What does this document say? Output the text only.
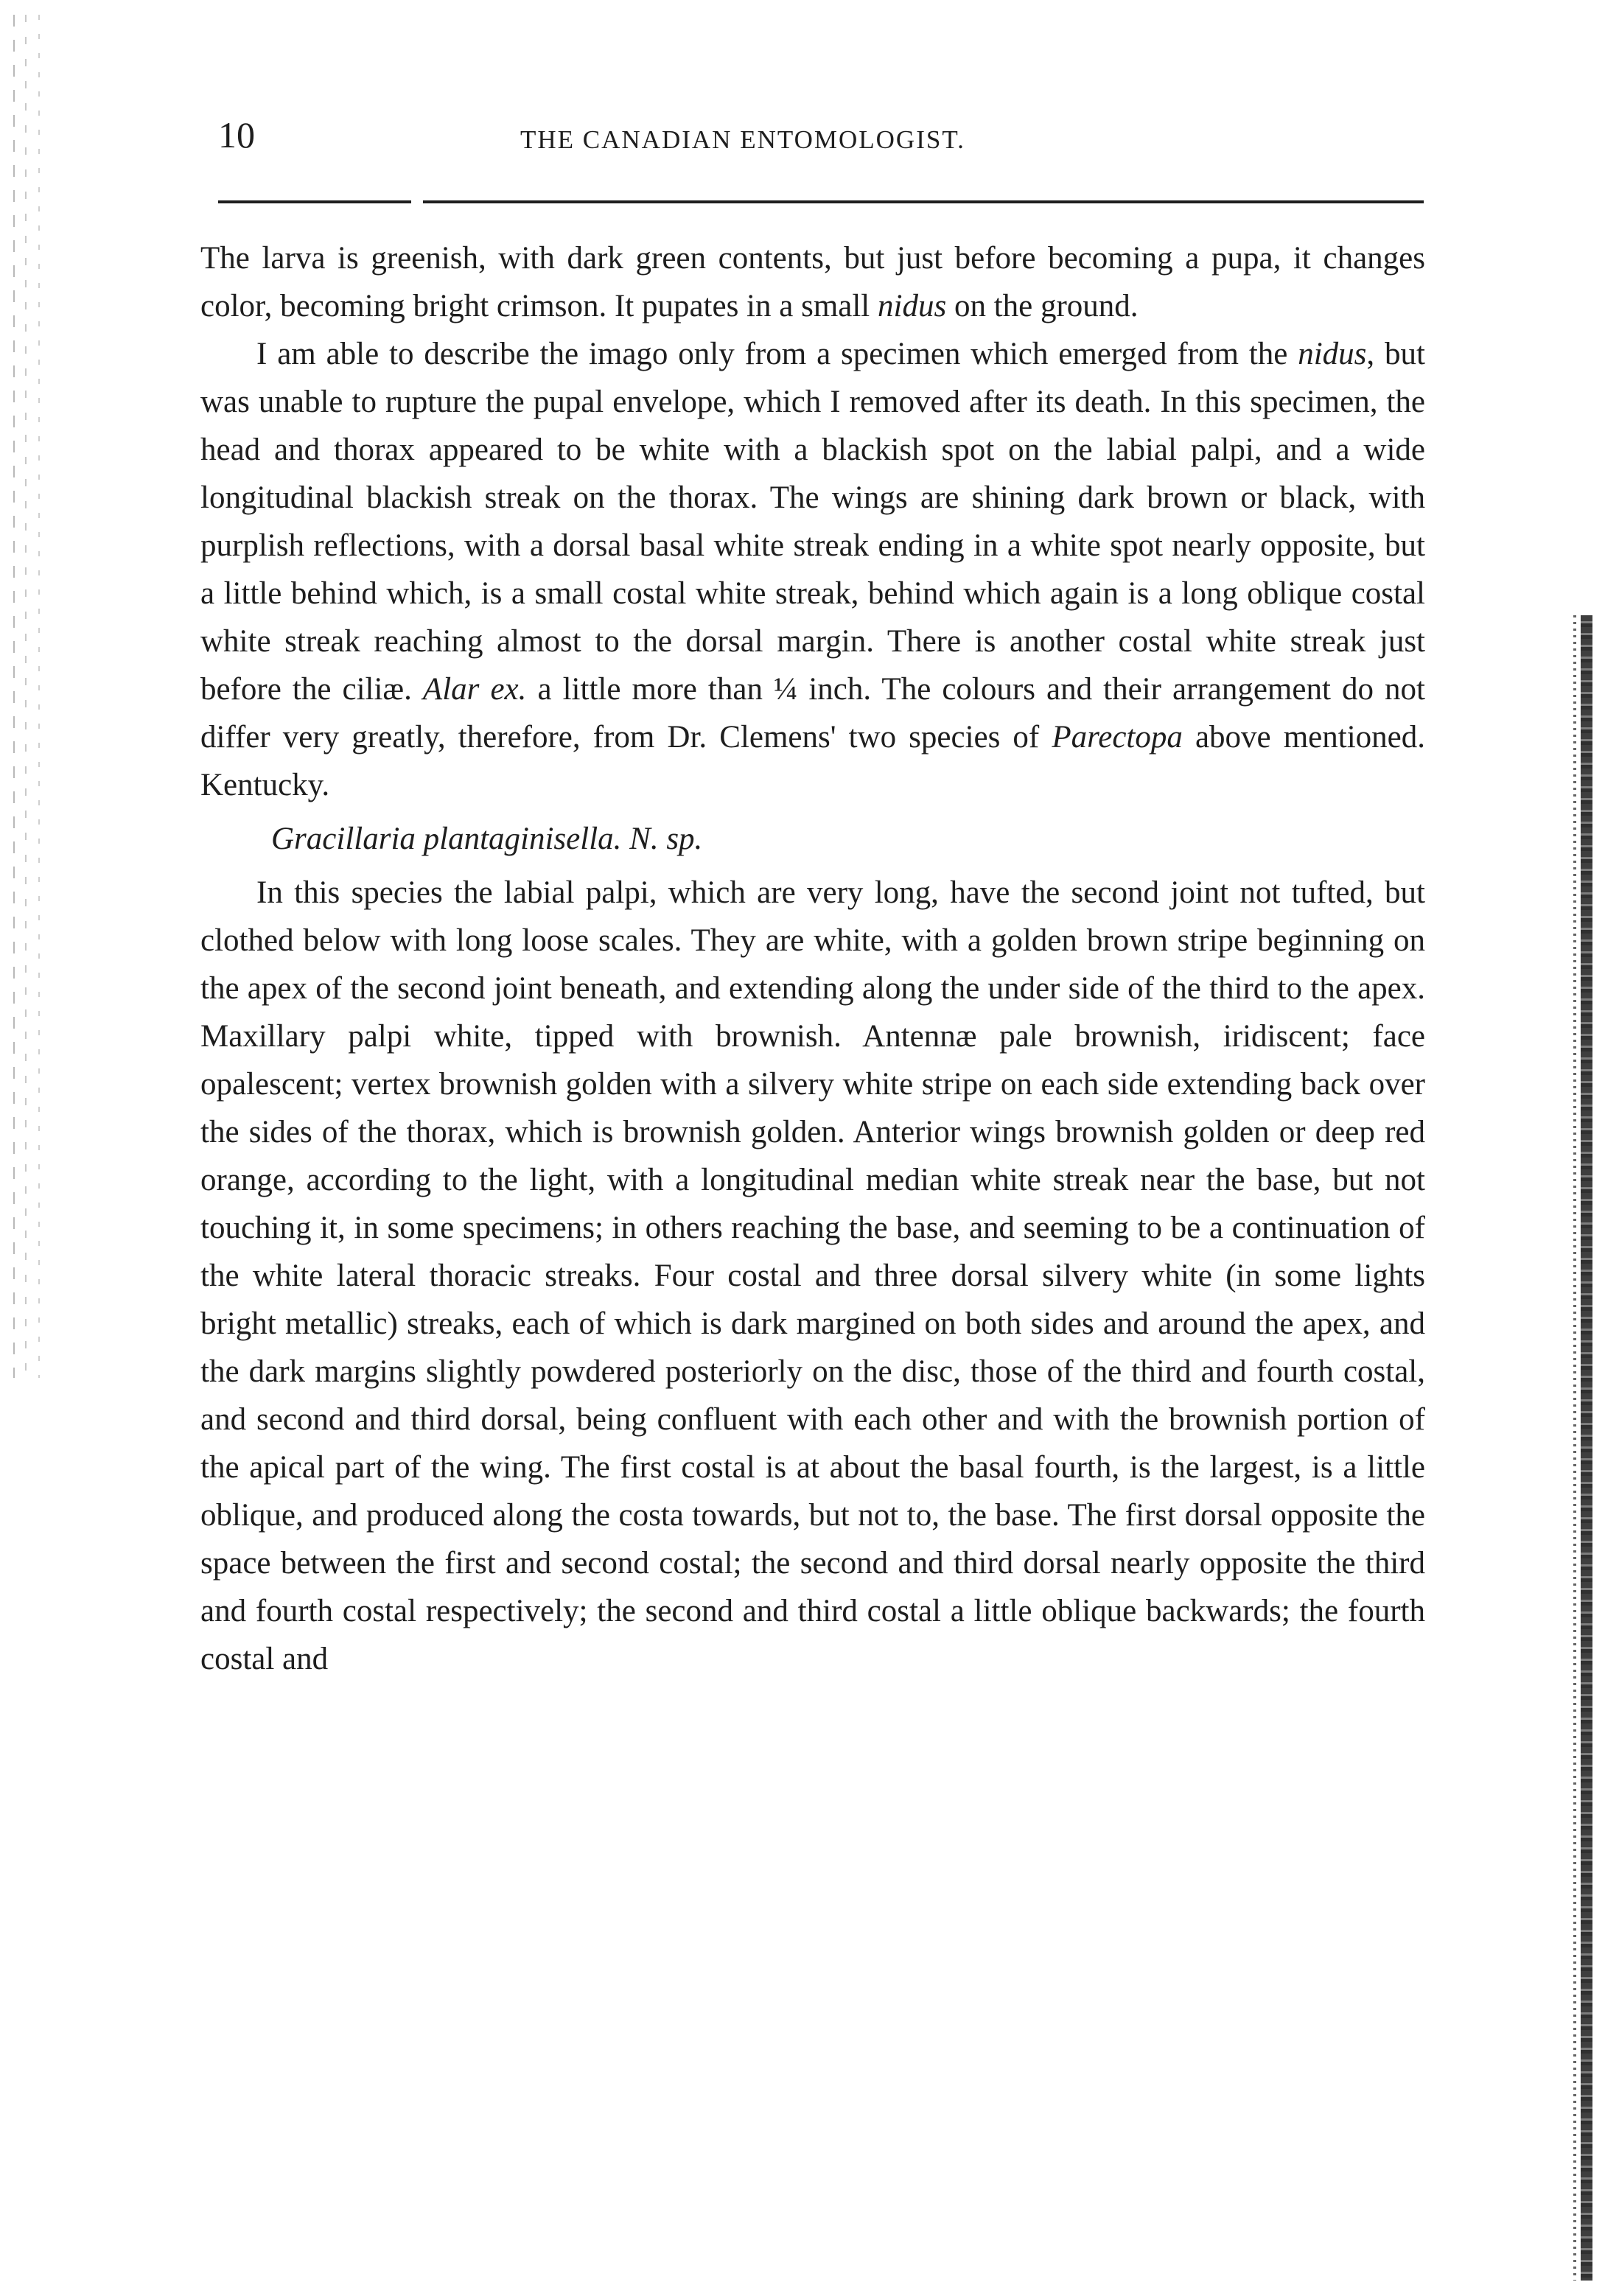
10	THE CANADIAN ENTOMOLOGIST.

The larva is greenish, with dark green contents, but just before becoming a pupa, it changes color, becoming bright crimson. It pupates in a small nidus on the ground.

I am able to describe the imago only from a specimen which emerged from the nidus, but was unable to rupture the pupal envelope, which I removed after its death. In this specimen, the head and thorax appeared to be white with a blackish spot on the labial palpi, and a wide longitudinal blackish streak on the thorax. The wings are shining dark brown or black, with purplish reflections, with a dorsal basal white streak ending in a white spot nearly opposite, but a little behind which, is a small costal white streak, behind which again is a long oblique costal white streak reaching almost to the dorsal margin. There is another costal white streak just before the ciliæ. Alar ex. a little more than ¼ inch. The colours and their arrangement do not differ very greatly, therefore, from Dr. Clemens' two species of Parectopa above mentioned. Kentucky.

Gracillaria plantaginisella. N. sp.

In this species the labial palpi, which are very long, have the second joint not tufted, but clothed below with long loose scales. They are white, with a golden brown stripe beginning on the apex of the second joint beneath, and extending along the under side of the third to the apex. Maxillary palpi white, tipped with brownish. Antennæ pale brownish, iridiscent; face opalescent; vertex brownish golden with a silvery white stripe on each side extending back over the sides of the thorax, which is brownish golden. Anterior wings brownish golden or deep red orange, according to the light, with a longitudinal median white streak near the base, but not touching it, in some specimens; in others reaching the base, and seeming to be a continuation of the white lateral thoracic streaks. Four costal and three dorsal silvery white (in some lights bright metallic) streaks, each of which is dark margined on both sides and around the apex, and the dark margins slightly powdered posteriorly on the disc, those of the third and fourth costal, and second and third dorsal, being confluent with each other and with the brownish portion of the apical part of the wing. The first costal is at about the basal fourth, is the largest, is a little oblique, and produced along the costa towards, but not to, the base. The first dorsal opposite the space between the first and second costal; the second and third dorsal nearly opposite the third and fourth costal respectively; the second and third costal a little oblique backwards; the fourth costal and
